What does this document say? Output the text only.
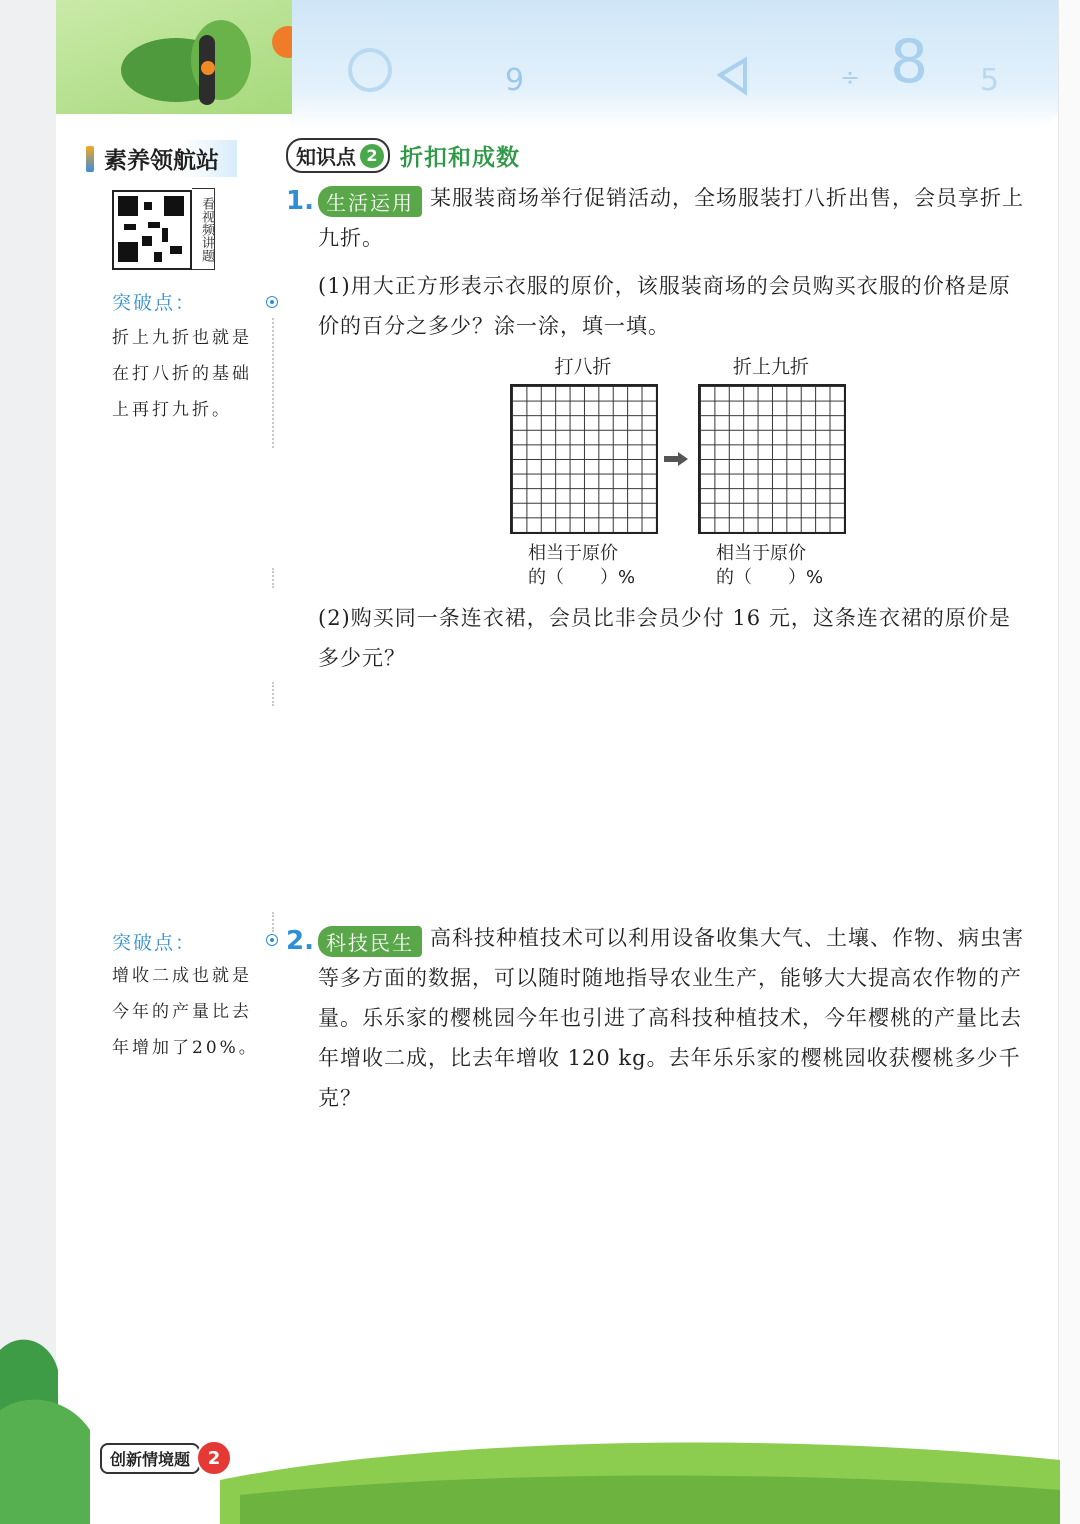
9	÷ 8 5
素养领航站
看视频讲题
突破点：
折上九折也就是在打八折的基础上再打九折。
突破点：
增收二成也就是今年的产量比去年增加了20%。
知识点 2 折扣和成数
1. 生活运用 某服装商场举行促销活动，全场服装打八折出售，会员享折上九折。
(1)用大正方形表示衣服的原价，该服装商场的会员购买衣服的价格是原价的百分之多少？涂一涂，填一填。
打八折	折上九折
相当于原价
的（　　）%
相当于原价
的（　　）%
(2)购买同一条连衣裙，会员比非会员少付 16 元，这条连衣裙的原价是多少元？
2. 科技民生 高科技种植技术可以利用设备收集大气、土壤、作物、病虫害等多方面的数据，可以随时随地指导农业生产，能够大大提高农作物的产量。乐乐家的樱桃园今年也引进了高科技种植技术，今年樱桃的产量比去年增收二成，比去年增收 120 kg。去年乐乐家的樱桃园收获樱桃多少千克？
创新情境题 2
